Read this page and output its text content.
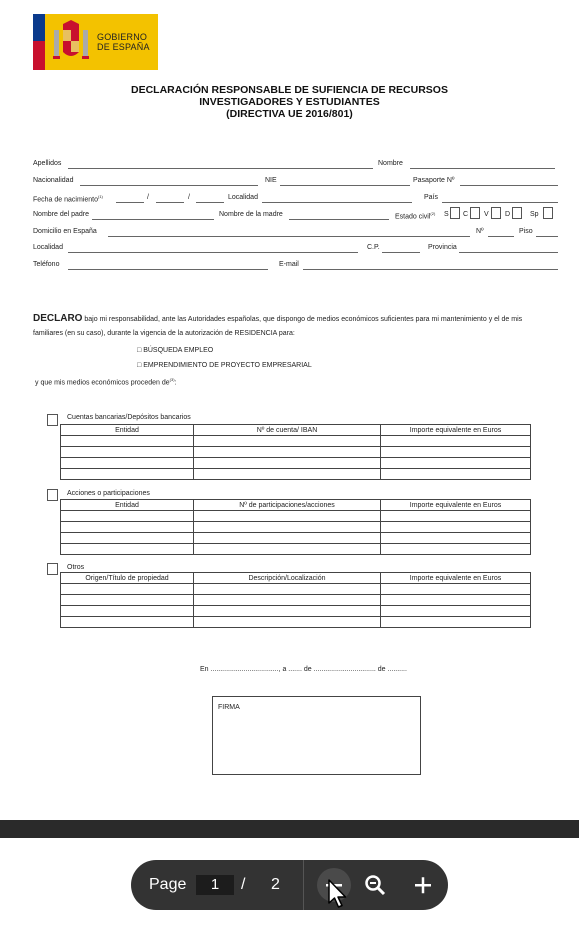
GOBIERNO
DE ESPAÑA
DECLARACIÓN RESPONSABLE DE SUFIENCIA DE RECURSOS
INVESTIGADORES Y ESTUDIANTES
(DIRECTIVA UE 2016/801)
Apellidos	Nombre
Nacionalidad	NIE	Pasaporte Nº
Fecha de nacimiento$^{(1)}$	/	/	Localidad	País
Nombre del padre	Nombre de la madre	Estado civil$^{(2)}$ S C V D	Sp
Domicilio en España	Nº	Piso
Localidad	C.P.	Provincia
Teléfono	E-mail
DECLARO bajo mi responsabilidad, ante las Autoridades españolas, que dispongo de medios económicos suficientes para mi mantenimiento y el de mis
familiares (en su caso), durante la vigencia de la autorización de RESIDENCIA para:
□ BÚSQUEDA EMPLEO
□ EMPRENDIMIENTO DE PROYECTO EMPRESARIAL
y que mis medios económicos proceden $de^{(3)}$:
Cuentas bancarias/Depósitos bancarios
Entidad	Nº de cuenta/ IBAN	Importe equivalente en Euros

Acciones o participaciones
Entidad	Nº de participaciones/acciones	Importe equivalente en Euros

Otros
Origen/Título de propiedad	Descripción/Localización	Importe equivalente en Euros

En ..................................., a ....... de ................................ de ..........
FIRMA
Page	1	/ 2
